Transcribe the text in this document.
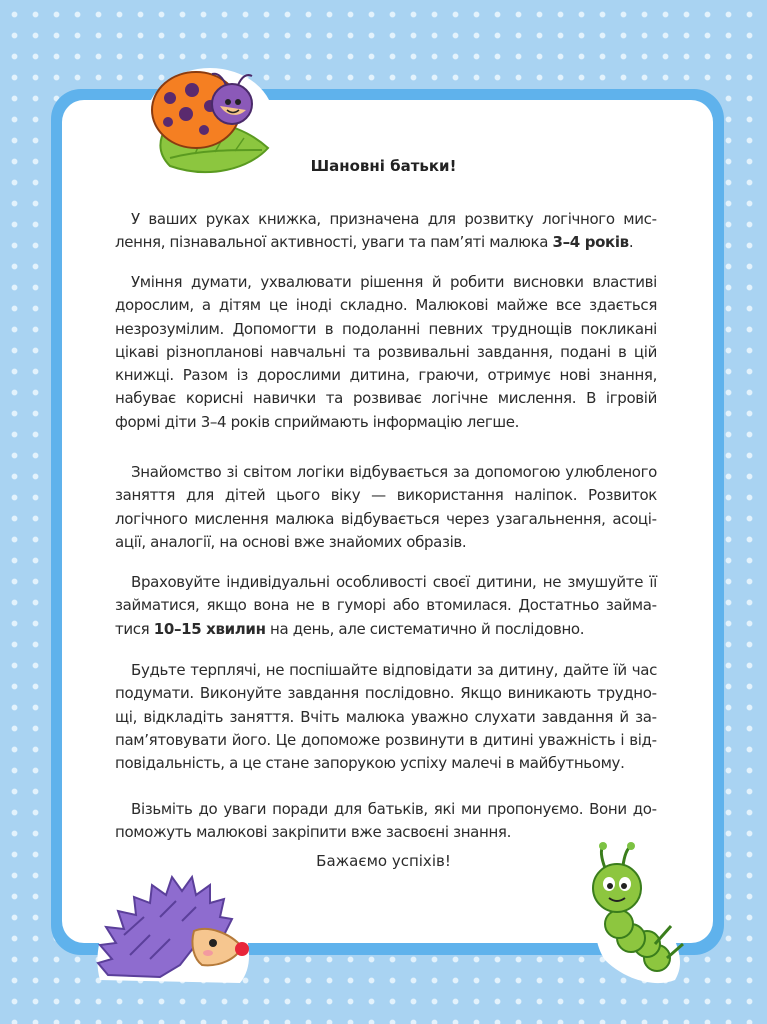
Шановні батьки!

У ваших руках книжка, призначена для розвитку логічного мислення, пізнавальної активності, уваги та пам’яті малюка 3–4 років.

Уміння думати, ухвалювати рішення й робити висновки властиві дорослим, а дітям це іноді складно. Малюкові майже все здається незрозумілим. Допомогти в подоланні певних труднощів покликані цікаві різнопланові навчальні та розвивальні завдання, подані в цій книжці. Разом із дорослими дитина, граючи, отримує нові знання, набуває корисні навички та розвиває логічне мислення. В ігровій формі діти 3–4 років сприймають інформацію легше.

Знайомство зі світом логіки відбувається за допомогою улюбленого заняття для дітей цього віку — використання наліпок. Розвиток логічного мислення малюка відбувається через узагальнення, асоціації, аналогії, на основі вже знайомих образів.

Враховуйте індивідуальні особливості своєї дитини, не змушуйте її займатися, якщо вона не в гуморі або втомилася. Достатньо займатися 10–15 хвилин на день, але систематично й послідовно.

Будьте терплячі, не поспішайте відповідати за дитину, дайте їй час подумати. Виконуйте завдання послідовно. Якщо виникають труднощі, відкладіть заняття. Вчіть малюка уважно слухати завдання й запам’ятовувати його. Це допоможе розвинути в дитині уважність і відповідальність, а це стане запорукою успіху малечі в майбутньому.

Візьміть до уваги поради для батьків, які ми пропонуємо. Вони допоможуть малюкові закріпити вже засвоєні знання.

Бажаємо успіхів!
